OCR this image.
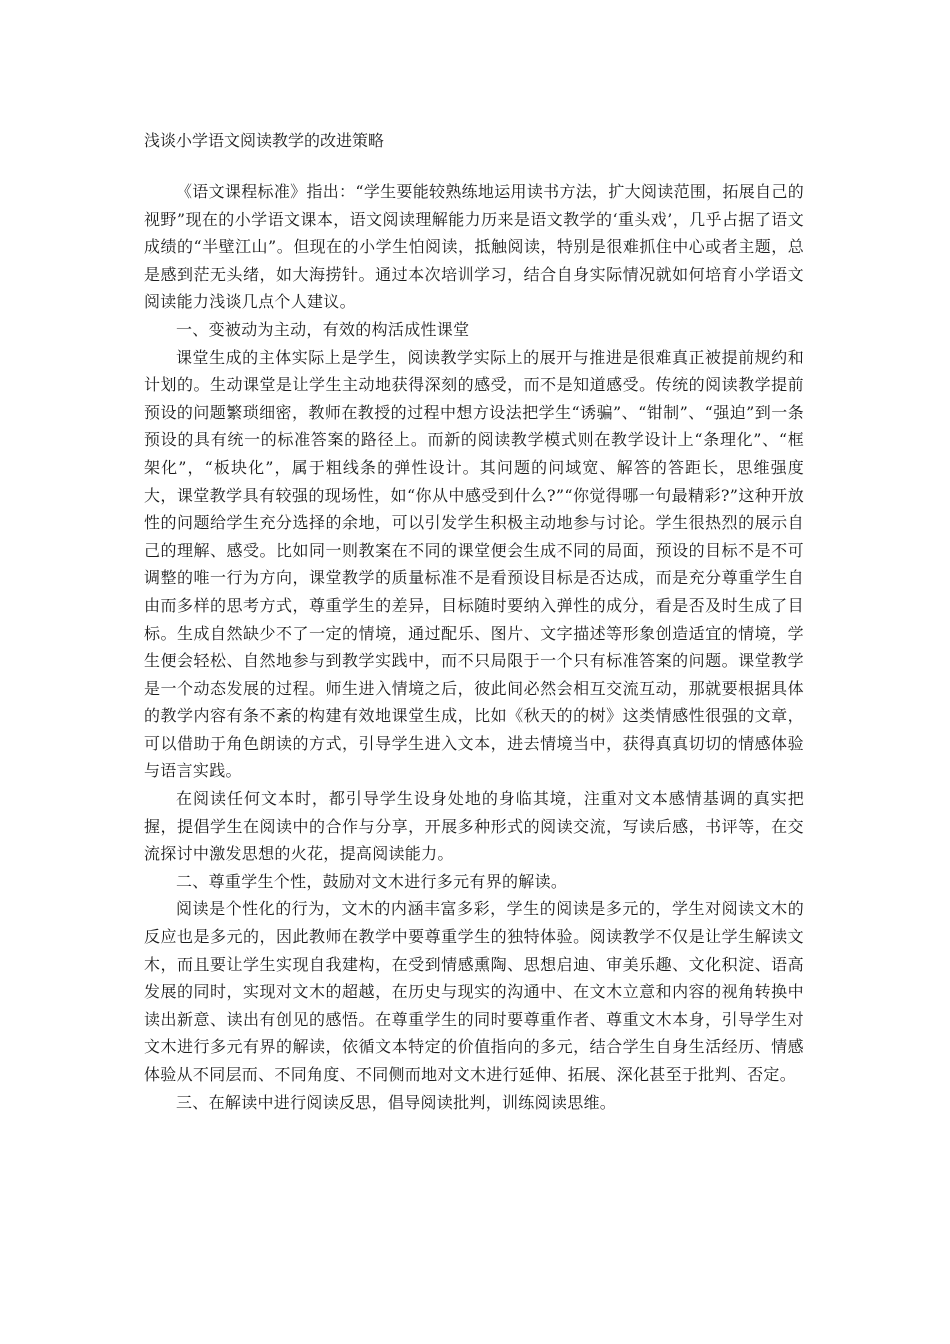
浅谈小学语文阅读教学的改进策略

《语文课程标准》指出：“学生要能较熟练地运用读书方法，扩大阅读范围，拓展自己的视野”现在的小学语文课本，语文阅读理解能力历来是语文教学的‘重头戏’，几乎占据了语文成绩的“半壁江山”。但现在的小学生怕阅读，抵触阅读，特别是很难抓住中心或者主题，总是感到茫无头绪，如大海捞针。通过本次培训学习，结合自身实际情况就如何培育小学语文阅读能力浅谈几点个人建议。

一、变被动为主动，有效的构活成性课堂

课堂生成的主体实际上是学生，阅读教学实际上的展开与推进是很难真正被提前规约和计划的。生动课堂是让学生主动地获得深刻的感受，而不是知道感受。传统的阅读教学提前预设的问题繁琐细密，教师在教授的过程中想方设法把学生“诱骗”、“钳制”、“强迫”到一条预设的具有统一的标准答案的路径上。而新的阅读教学模式则在教学设计上“条理化”、“框架化”，“板块化”，属于粗线条的弹性设计。其问题的问域宽、解答的答距长，思维强度大，课堂教学具有较强的现场性，如“你从中感受到什么?”“你觉得哪一句最精彩?”这种开放性的问题给学生充分选择的余地，可以引发学生积极主动地参与讨论。学生很热烈的展示自己的理解、感受。比如同一则教案在不同的课堂便会生成不同的局面，预设的目标不是不可调整的唯一行为方向，课堂教学的质量标准不是看预设目标是否达成，而是充分尊重学生自由而多样的思考方式，尊重学生的差异，目标随时要纳入弹性的成分，看是否及时生成了目标。生成自然缺少不了一定的情境，通过配乐、图片、文字描述等形象创造适宜的情境，学生便会轻松、自然地参与到教学实践中，而不只局限于一个只有标准答案的问题。课堂教学是一个动态发展的过程。师生进入情境之后，彼此间必然会相互交流互动，那就要根据具体的教学内容有条不紊的构建有效地课堂生成，比如《秋天的的树》这类情感性很强的文章，可以借助于角色朗读的方式，引导学生进入文本，进去情境当中，获得真真切切的情感体验与语言实践。

在阅读任何文本时，都引导学生设身处地的身临其境，注重对文本感情基调的真实把握，提倡学生在阅读中的合作与分享，开展多种形式的阅读交流，写读后感，书评等，在交流探讨中激发思想的火花，提高阅读能力。

二、尊重学生个性，鼓励对文木进行多元有界的解读。

阅读是个性化的行为，文木的内涵丰富多彩，学生的阅读是多元的，学生对阅读文木的反应也是多元的，因此教师在教学中要尊重学生的独特体验。阅读教学不仅是让学生解读文木，而且要让学生实现自我建构，在受到情感熏陶、思想启迪、审美乐趣、文化积淀、语高发展的同时，实现对文木的超越，在历史与现实的沟通中、在文木立意和内容的视角转换中读出新意、读出有创见的感悟。在尊重学生的同时要尊重作者、尊重文木本身，引导学生对文木进行多元有界的解读，依循文本特定的价值指向的多元，结合学生自身生活经历、情感体验从不同层而、不同角度、不同侧而地对文木进行延伸、拓展、深化甚至于批判、否定。

三、在解读中进行阅读反思，倡导阅读批判，训练阅读思维。
